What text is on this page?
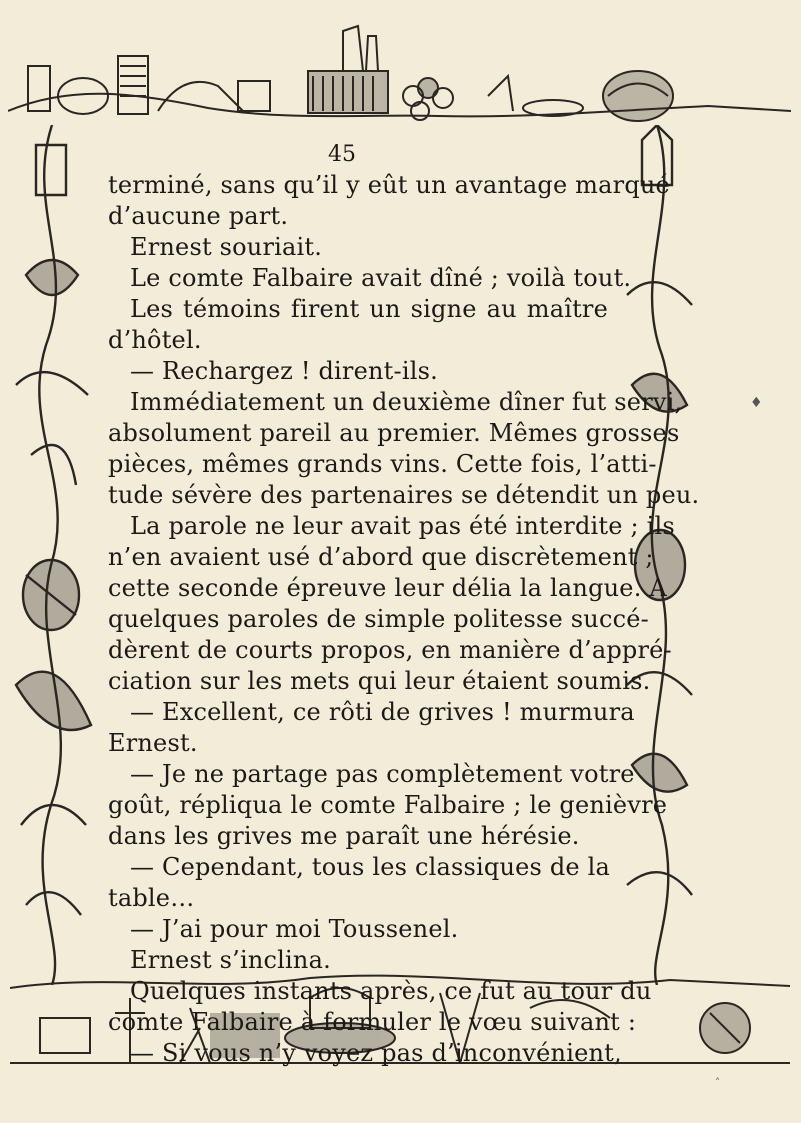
45
terminé, sans qu’il y eût un avantage marqué
d’aucune part.
Ernest souriait.
Le comte Falbaire avait dîné ; voilà tout.
Les témoins firent un signe au maître
d’hôtel.
— Rechargez ! dirent-ils.
Immédiatement un deuxième dîner fut servi,
absolument pareil au premier. Mêmes grosses
pièces, mêmes grands vins. Cette fois, l’atti-
tude sévère des partenaires se détendit un peu.
La parole ne leur avait pas été interdite ; ils
n’en avaient usé d’abord que discrètement ;
cette seconde épreuve leur délia la langue. A
quelques paroles de simple politesse succé-
dèrent de courts propos, en manière d’appré-
ciation sur les mets qui leur étaient soumis.
— Excellent, ce rôti de grives ! murmura
Ernest.
— Je ne partage pas complètement votre
goût, répliqua le comte Falbaire ; le genièvre
dans les grives me paraît une hérésie.
— Cependant, tous les classiques de la
table…
— J’ai pour moi Toussenel.
Ernest s’inclina.
Quelques instants après, ce fut au tour du
comte Falbaire à formuler le vœu suivant :
— Si vous n’y voyez pas d’inconvénient,
♦
˄
